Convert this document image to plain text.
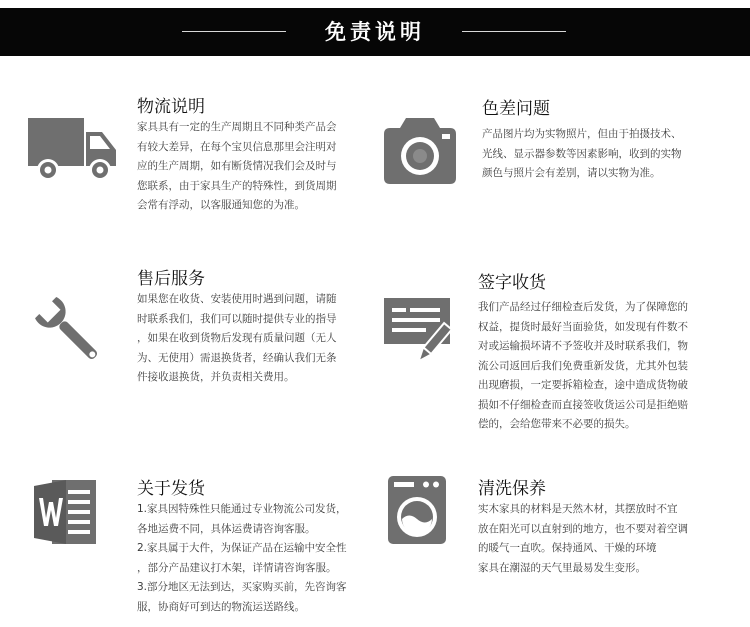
免责说明
物流说明

家具具有一定的生产周期且不同种类产品会

有较大差异，在每个宝贝信息那里会注明对

应的生产周期，如有断货情况我们会及时与

您联系，由于家具生产的特殊性，到货周期

会常有浮动，以客服通知您的为准。

色差问题

产品图片均为实物照片，但由于拍摄技术、

光线、显示器参数等因素影响，收到的实物

颜色与照片会有差别，请以实物为准。

售后服务

如果您在收货、安装使用时遇到问题，请随

时联系我们，我们可以随时提供专业的指导

，如果在收到货物后发现有质量问题（无人

为、无使用）需退换货者，经确认我们无条

件接收退换货，并负责相关费用。

签字收货

我们产品经过仔细检查后发货，为了保障您的

权益，提货时最好当面验货，如发现有件数不

对或运输损坏请不予签收并及时联系我们，物

流公司返回后我们免费重新发货，尤其外包装

出现磨损，一定要拆箱检查，途中造成货物破

损如不仔细检查而直接签收货运公司是拒绝赔

偿的，会给您带来不必要的损失。

关于发货

1.家具因特殊性只能通过专业物流公司发货，

各地运费不同，具体运费请咨询客服。

2.家具属于大件，为保证产品在运输中安全性

，部分产品建议打木架，详情请咨询客服。

3.部分地区无法到达，买家购买前，先咨询客

服，协商好可到达的物流运送路线。

清洗保养

实木家具的材料是天然木材，其摆放时不宜

放在阳光可以直射到的地方，也不要对着空调

的暖气一直吹。保持通风、干燥的环境

家具在潮湿的天气里最易发生变形。
